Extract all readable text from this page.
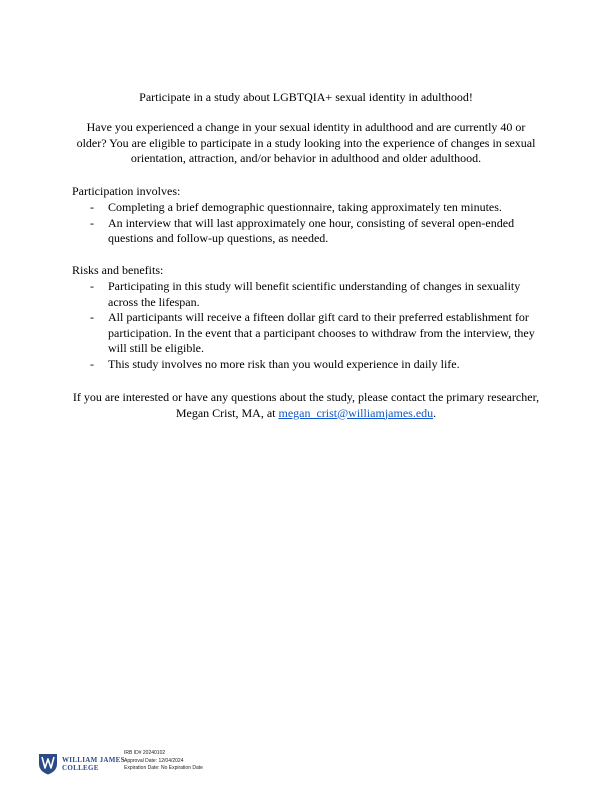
Participate in a study about LGBTQIA+ sexual identity in adulthood!
Have you experienced a change in your sexual identity in adulthood and are currently 40 or older? You are eligible to participate in a study looking into the experience of changes in sexual orientation, attraction, and/or behavior in adulthood and older adulthood.
Participation involves:
- Completing a brief demographic questionnaire, taking approximately ten minutes.
- An interview that will last approximately one hour, consisting of several open-ended questions and follow-up questions, as needed.
Risks and benefits:
- Participating in this study will benefit scientific understanding of changes in sexuality across the lifespan.
- All participants will receive a fifteen dollar gift card to their preferred establishment for participation. In the event that a participant chooses to withdraw from the interview, they will still be eligible.
- This study involves no more risk than you would experience in daily life.
If you are interested or have any questions about the study, please contact the primary researcher, Megan Crist, MA, at megan_crist@williamjames.edu.
WILLIAM JAMES
COLLEGE
IRB ID# 20240102
Approval Date: 12/04/2024
Expiration Date: No Expiration Date
